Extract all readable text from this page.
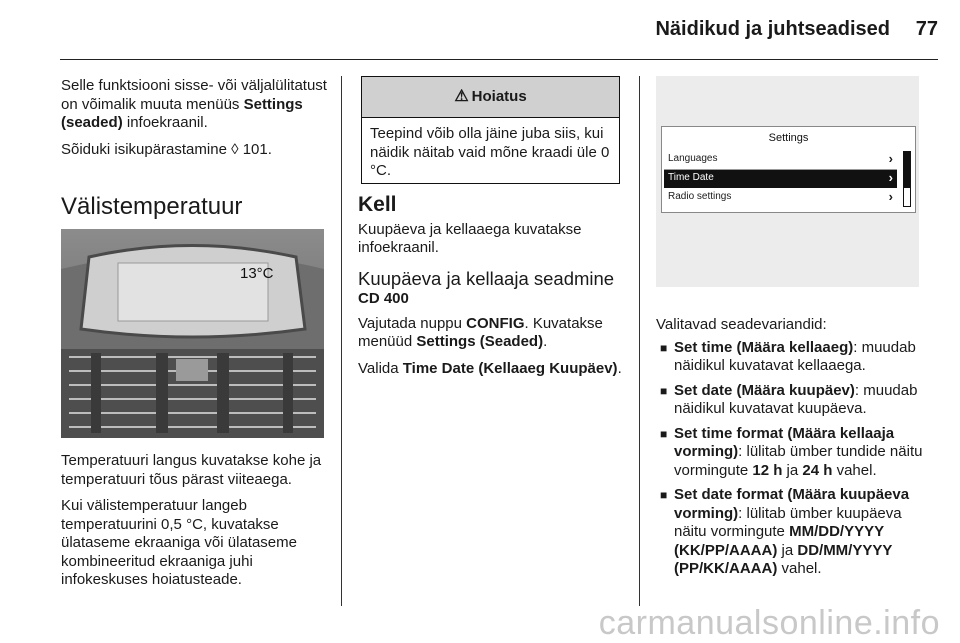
Näidikud ja juhtseadised 77

Selle funktsiooni sisse- või väljalülitatust on võimalik muuta menüüs Settings (seaded) infoekraanil.

Sõiduki isikupärastamine ◊ 101.

Välistemperatuur
13°C

Temperatuuri langus kuvatakse kohe ja temperatuuri tõus pärast viiteaega.

Kui välistemperatuur langeb temperatuurini 0,5 °C, kuvatakse ülataseme ekraaniga või ülataseme kombineeritud ekraaniga juhi infokeskuses hoiatusteade.

⚠ Hoiatus
Teepind võib olla jäine juba siis, kui näidik näitab vaid mõne kraadi üle 0 °C.
Kell

Kuupäeva ja kellaaega kuvatakse infoekraanil.

Kuupäeva ja kellaaja seadmine
CD 400

Vajutada nuppu CONFIG. Kuvatakse menüüd Settings (Seaded).

Valida Time Date (Kellaaeg Kuupäev).

Settings
Languages	›
Time Date	›
Radio settings	›

Valitavad seadevariandid:

■ Set time (Määra kellaaeg): muudab näidikul kuvatavat kellaaega.
■ Set date (Määra kuupäev): muudab näidikul kuvatavat kuupäeva.
■ Set time format (Määra kellaaja vorming): lülitab ümber tundide näitu vormingute 12 h ja 24 h vahel.
■ Set date format (Määra kuupäeva vorming): lülitab ümber kuupäeva näitu vormingute MM/DD/YYYY (KK/PP/AAAA) ja DD/MM/YYYY (PP/KK/AAAA) vahel.
carmanualsonline.info
